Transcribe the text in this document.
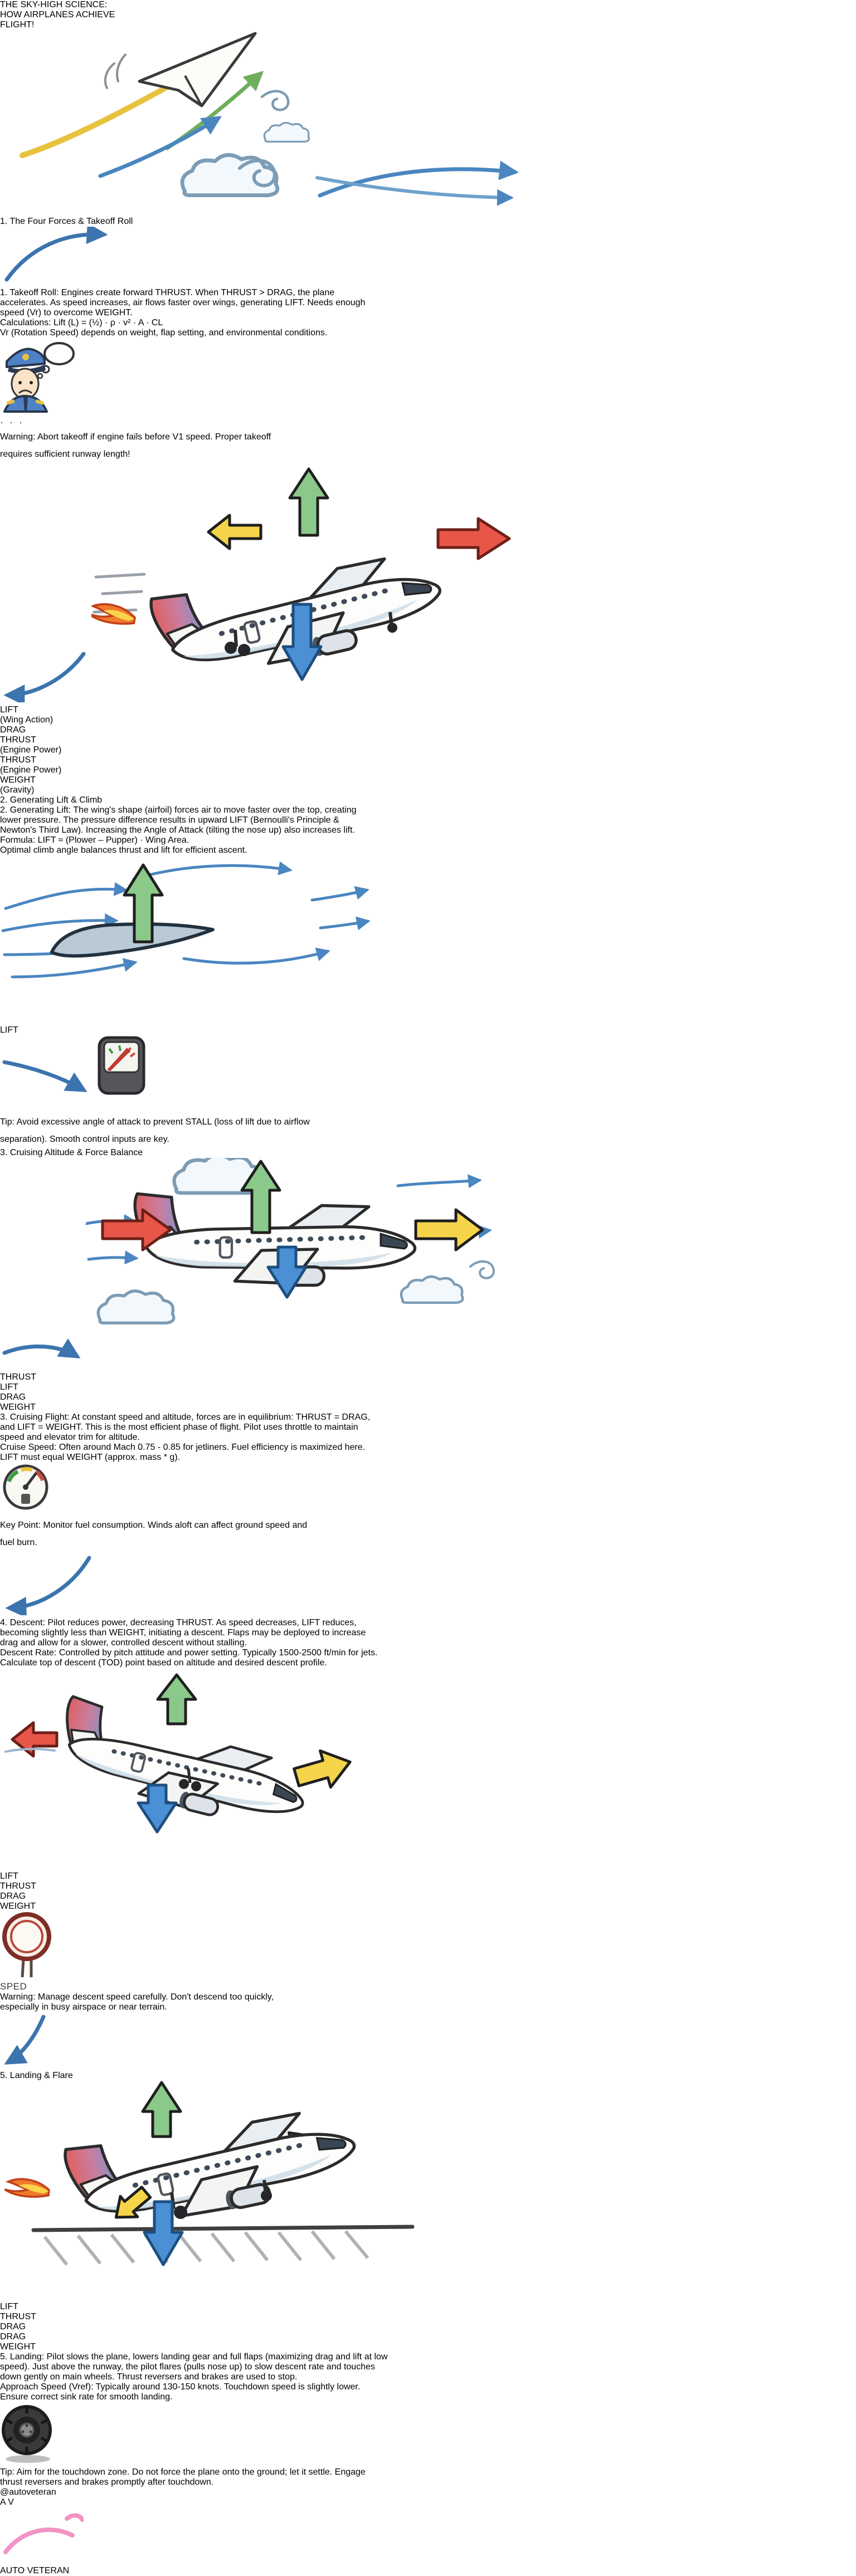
THE SKY-HIGH SCIENCE:
HOW AIRPLANES ACHIEVE
FLIGHT!

1. The Four Forces & Takeoff Roll
1. Takeoff Roll: Engines create forward THRUST. When THRUST > DRAG, the plane accelerates. As speed increases, air flows faster over wings, generating LIFT. Needs enough speed (Vr) to overcome WEIGHT.
Calculations: Lift (L) = (½) · ρ · v² · A · CL
Vr (Rotation Speed) depends on weight, flap setting, and environmental conditions.
· · ·
Warning: Abort takeoff if engine fails before V1 speed. Proper takeoff requires sufficient runway length!

LIFT
(Wing Action)
DRAG
THRUST
(Engine Power)
THRUST
(Engine Power)
WEIGHT
(Gravity)
2. Generating Lift & Climb
2. Generating Lift: The wing's shape (airfoil) forces air to move faster over the top, creating lower pressure. The pressure difference results in upward LIFT (Bernoulli's Principle & Newton's Third Law). Increasing the Angle of Attack (tilting the nose up) also increases lift.
Formula: LIFT ≈ (Plower – Pupper) · Wing Area.
Optimal climb angle balances thrust and lift for efficient ascent.
LIFT

STALL
Tip: Avoid excessive angle of attack to prevent STALL (loss of lift due to airflow separation). Smooth control inputs are key.
3. Cruising Altitude & Force Balance

THRUST
LIFT
DRAG
WEIGHT
3. Cruising Flight: At constant speed and altitude, forces are in equilibrium: THRUST = DRAG, and LIFT = WEIGHT. This is the most efficient phase of flight. Pilot uses throttle to maintain speed and elevator trim for altitude.
Cruise Speed: Often around Mach 0.75 - 0.85 for jetliners. Fuel efficiency is maximized here. LIFT must equal WEIGHT (approx. mass * g).
Key Point: Monitor fuel consumption. Winds aloft can affect ground speed and fuel burn.
4. Descent: Pilot reduces power, decreasing THRUST. As speed decreases, LIFT reduces, becoming slightly less than WEIGHT, initiating a descent. Flaps may be deployed to increase drag and allow for a slower, controlled descent without stalling.
Descent Rate: Controlled by pitch attitude and power setting. Typically 1500-2500 ft/min for jets. Calculate top of descent (TOD) point based on altitude and desired descent profile.
LIFT
THRUST
DRAG
WEIGHT
SPED
Warning: Manage descent speed carefully. Don't descend too quickly, especially in busy airspace or near terrain.
5. Landing & Flare
LIFT
THRUST
DRAG
DRAG
WEIGHT
5. Landing: Pilot slows the plane, lowers landing gear and full flaps (maximizing drag and lift at low speed). Just above the runway, the pilot flares (pulls nose up) to slow descent rate and touches down gently on main wheels. Thrust reversers and brakes are used to stop.
Approach Speed (Vref): Typically around 130-150 knots. Touchdown speed is slightly lower. Ensure correct sink rate for smooth landing.
Tip: Aim for the touchdown zone. Do not force the plane onto the ground; let it settle. Engage thrust reversers and brakes promptly after touchdown.
@autoveteran
A V
AUTO VETERAN
